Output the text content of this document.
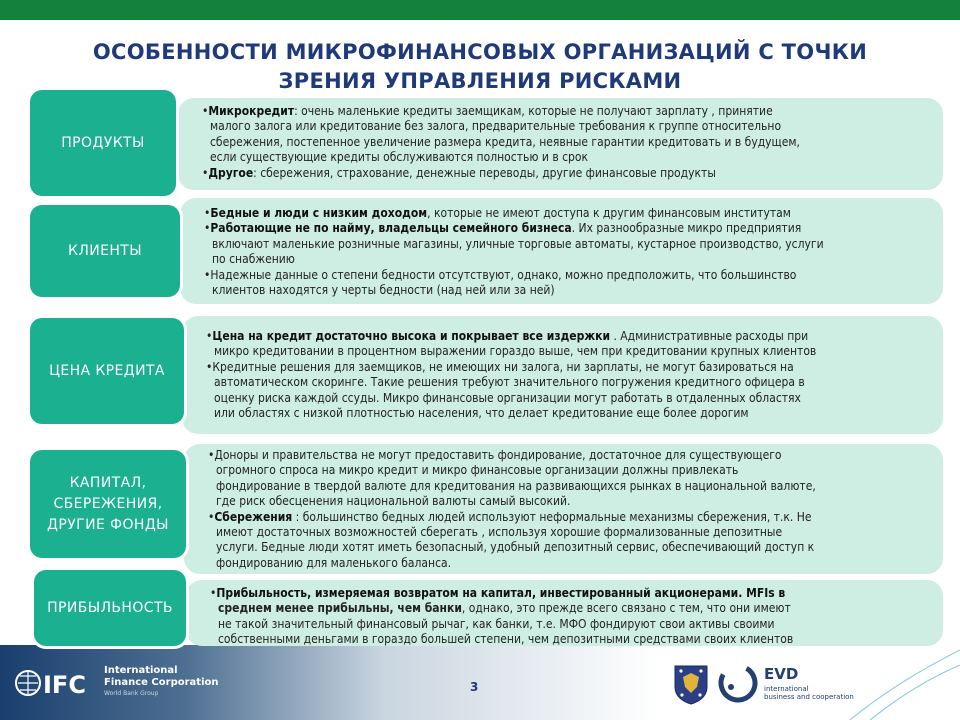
ОСОБЕННОСТИ МИКРОФИНАНСОВЫХ ОРГАНИЗАЦИЙ С ТОЧКИ
ЗРЕНИЯ УПРАВЛЕНИЯ РИСКАМИ
•Микрокредит: очень маленькие кредиты заемщикам, которые не получают зарплату , принятие
малого залога или кредитование без залога, предварительные требования к группе относительно
сбережения, постепенное увеличение размера кредита, неявные гарантии кредитовать и в будущем,
если существующие кредиты обслуживаются полностью и в срок
•Другое: сбережения, страхование, денежные переводы, другие финансовые продукты
ПРОДУКТЫ
•Бедные и люди с низким доходом, которые не имеют доступа к другим финансовым институтам
•Работающие не по найму, владельцы семейного бизнеса. Их разнообразные микро предприятия
включают маленькие розничные магазины, уличные торговые автоматы, кустарное производство, услуги
по снабжению
•Надежные данные о степени бедности отсутствуют, однако, можно предположить, что большинство
клиентов находятся у черты бедности (над ней или за ней)
КЛИЕНТЫ
•Цена на кредит достаточно высока и покрывает все издержки . Административные расходы при
микро кредитовании в процентном выражении гораздо выше, чем при кредитовании крупных клиентов
•Кредитные решения для заемщиков, не имеющих ни залога, ни зарплаты, не могут базироваться на
автоматическом скоринге. Такие решения требуют значительного погружения кредитного офицера в
оценку риска каждой ссуды. Микро финансовые организации могут работать в отдаленных областях
или областях с низкой плотностью населения, что делает кредитование еще более дорогим
ЦЕНА КРЕДИТА
•Доноры и правительства не могут предоставить фондирование, достаточное для существующего
огромного спроса на микро кредит и микро финансовые организации должны привлекать
фондирование в твердой валюте для кредитования на развивающихся рынках в национальной валюте,
где риск обесценения национальной валюты самый высокий.
•Сбережения : большинство бедных людей используют неформальные механизмы сбережения, т.к. Не
имеют достаточных возможностей сберегать , используя хорошие формализованные депозитные
услуги. Бедные люди хотят иметь безопасный, удобный депозитный сервис, обеспечивающий доступ к
фондированию для маленького баланса.
КАПИТАЛ,
СБЕРЕЖЕНИЯ,
ДРУГИЕ ФОНДЫ
•Прибыльность, измеряемая возвратом на капитал, инвестированный акционерами. MFIs в
среднем менее прибыльны, чем банки, однако, это прежде всего связано с тем, что они имеют
не такой значительный финансовый рычаг, как банки, т.е. МФО фондируют свои активы своими
собственными деньгами в гораздо большей степени, чем депозитными средствами своих клиентов
ПРИБЫЛЬНОСТЬ
IFC
International
Finance Corporation
World Bank Group	3
EVD
international
business and cooperation
